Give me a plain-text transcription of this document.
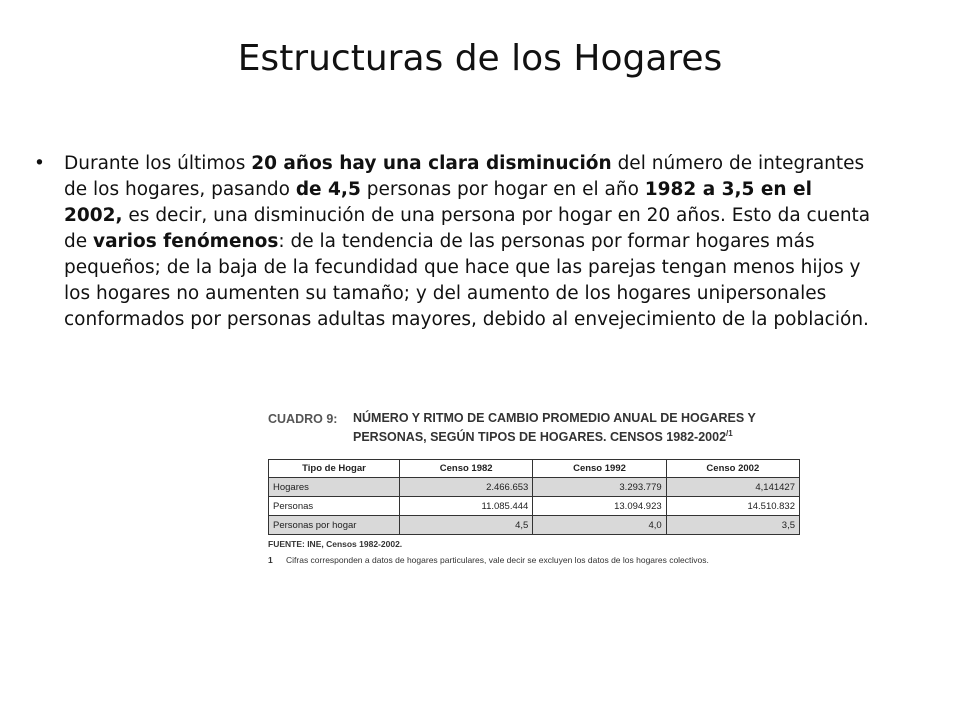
Estructuras de los Hogares
•	Durante los últimos 20 años hay una clara disminución del número de integrantes de los hogares, pasando de 4,5 personas por hogar en el año 1982 a 3,5 en el 2002, es decir, una disminución de una persona por hogar en 20 años. Esto da cuenta de varios fenómenos: de la tendencia de las personas por formar hogares más pequeños; de la baja de la fecundidad que hace que las parejas tengan menos hijos y los hogares no aumenten su tamaño; y del aumento de los hogares unipersonales conformados por personas adultas mayores, debido al envejecimiento de la población.
CUADRO 9:	NÚMERO Y RITMO DE CAMBIO PROMEDIO ANUAL DE HOGARES Y PERSONAS, SEGÚN TIPOS DE HOGARES. CENSOS $1982-2002^{/1}$
Tipo de Hogar	Censo 1982	Censo 1992	Censo 2002
Hogares	2.466.653	3.293.779	4,141427
Personas	11.085.444	13.094.923	14.510.832
Personas por hogar	4,5	4,0	3,5
FUENTE: INE, Censos 1982-2002.
1	Cifras corresponden a datos de hogares particulares, vale decir se excluyen los datos de los hogares colectivos.
